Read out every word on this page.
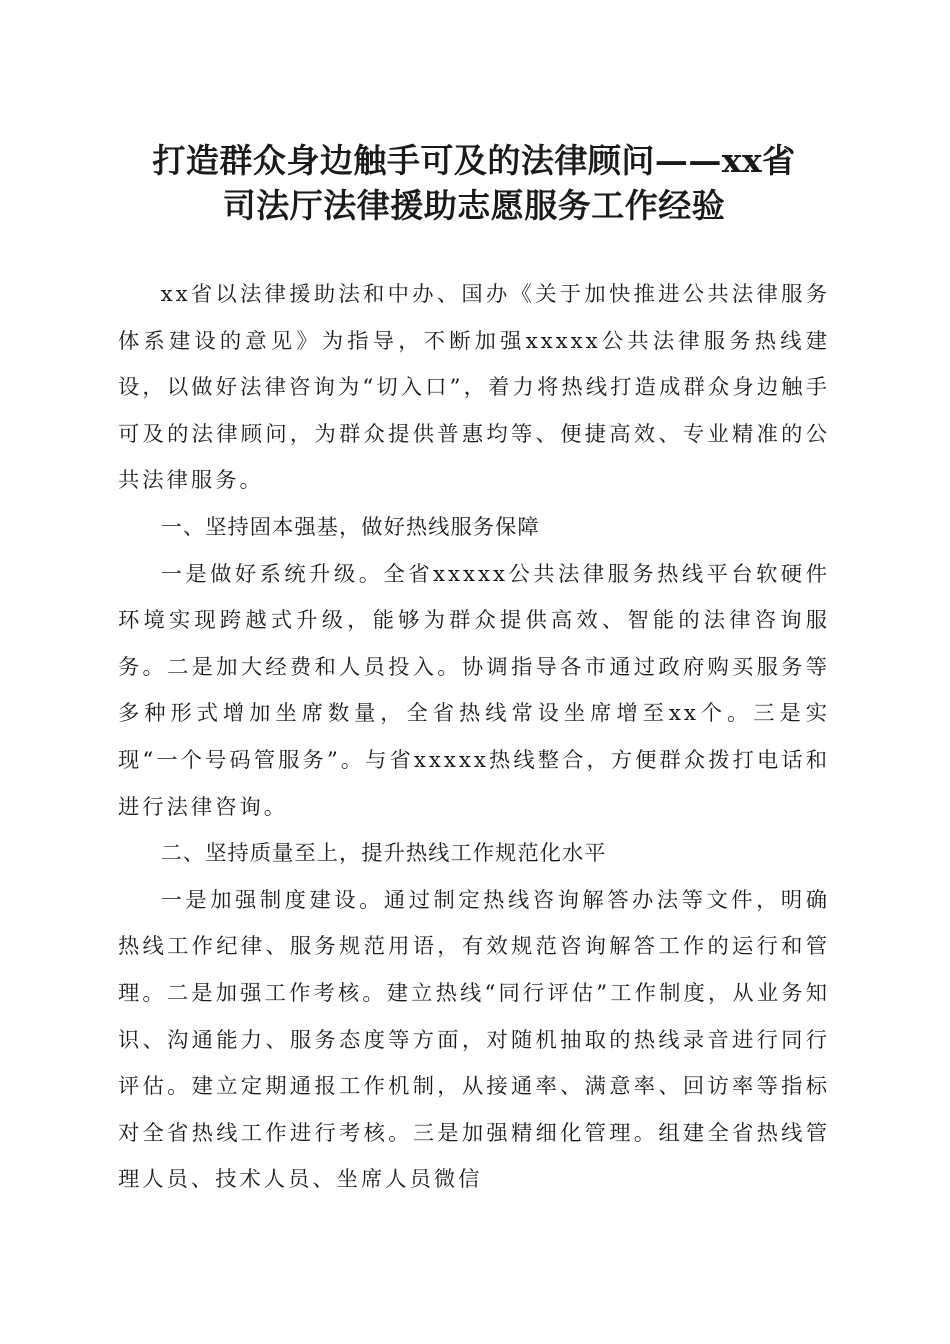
打造群众身边触手可及的法律顾问——xx省
司法厅法律援助志愿服务工作经验

xx省以法律援助法和中办、国办《关于加快推进公共法律服务体系建设的意见》为指导，不断加强xxxxx公共法律服务热线建设，以做好法律咨询为“切入口”，着力将热线打造成群众身边触手可及的法律顾问，为群众提供普惠均等、便捷高效、专业精准的公共法律服务。

一、坚持固本强基，做好热线服务保障

一是做好系统升级。全省xxxxx公共法律服务热线平台软硬件环境实现跨越式升级，能够为群众提供高效、智能的法律咨询服务。二是加大经费和人员投入。协调指导各市通过政府购买服务等多种形式增加坐席数量，全省热线常设坐席增至xx个。三是实现“一个号码管服务”。与省xxxxx热线整合，方便群众拨打电话和进行法律咨询。

二、坚持质量至上，提升热线工作规范化水平

一是加强制度建设。通过制定热线咨询解答办法等文件，明确热线工作纪律、服务规范用语，有效规范咨询解答工作的运行和管理。二是加强工作考核。建立热线“同行评估”工作制度，从业务知识、沟通能力、服务态度等方面，对随机抽取的热线录音进行同行评估。建立定期通报工作机制，从接通率、满意率、回访率等指标对全省热线工作进行考核。三是加强精细化管理。组建全省热线管理人员、技术人员、坐席人员微信
